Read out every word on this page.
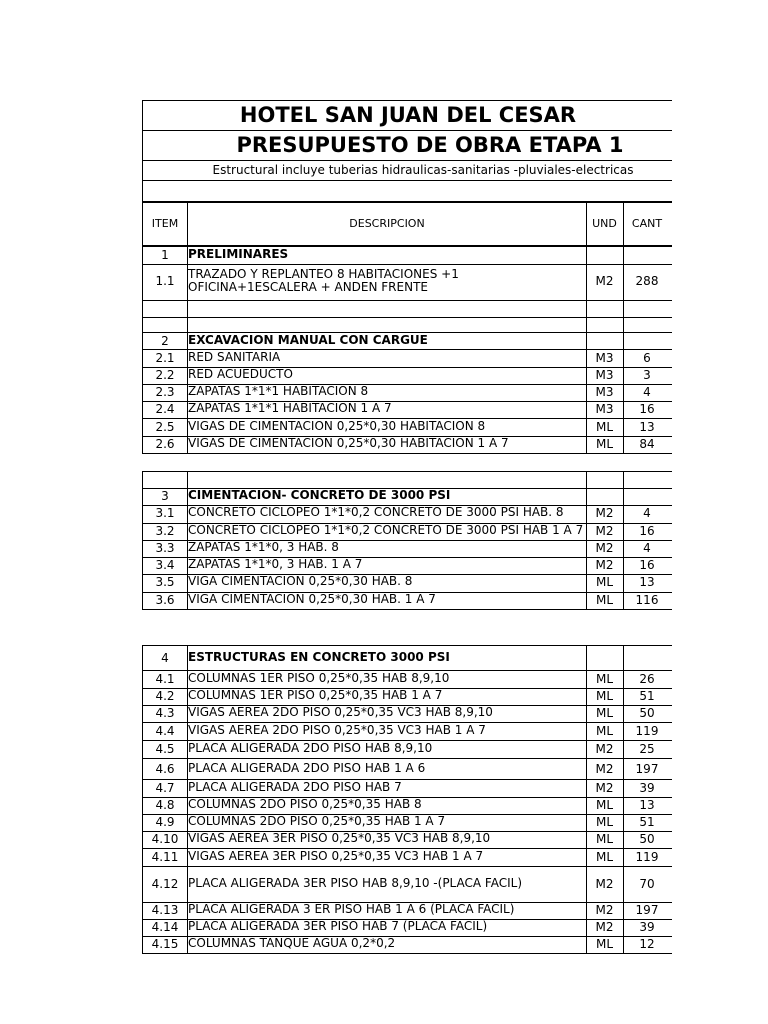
HOTEL SAN JUAN DEL CESAR
PRESUPUESTO DE OBRA ETAPA 1
Estructural incluye tuberias hidraulicas-sanitarias -pluviales-electricas
ITEM	DESCRIPCION	UND	CANT
1	PRELIMINARES
1.1	TRAZADO Y REPLANTEO 8 HABITACIONES +1 OFICINA+1ESCALERA + ANDEN FRENTE	M2	288
2	EXCAVACION MANUAL CON CARGUE
2.1	RED SANITARIA	M3	6
2.2	RED ACUEDUCTO	M3	3
2.3	ZAPATAS 1*1*1 HABITACION 8	M3	4
2.4	ZAPATAS 1*1*1 HABITACION 1 A 7	M3	16
2.5	VIGAS DE CIMENTACION 0,25*0,30 HABITACION 8	ML	13
2.6	VIGAS DE CIMENTACION 0,25*0,30 HABITACION 1 A 7	ML	84
3	CIMENTACION- CONCRETO DE 3000 PSI
3.1	CONCRETO CICLOPEO 1*1*0,2 CONCRETO DE 3000 PSI HAB. 8	M2	4
3.2	CONCRETO CICLOPEO 1*1*0,2 CONCRETO DE 3000 PSI HAB 1 A 7	M2	16
3.3	ZAPATAS 1*1*0, 3 HAB. 8	M2	4
3.4	ZAPATAS 1*1*0, 3 HAB. 1 A 7	M2	16
3.5	VIGA CIMENTACION 0,25*0,30 HAB. 8	ML	13
3.6	VIGA CIMENTACION 0,25*0,30 HAB. 1 A 7	ML	116
4	ESTRUCTURAS EN CONCRETO 3000 PSI
4.1	COLUMNAS 1ER PISO 0,25*0,35 HAB 8,9,10	ML	26
4.2	COLUMNAS 1ER PISO 0,25*0,35 HAB 1 A 7	ML	51
4.3	VIGAS AEREA 2DO PISO 0,25*0,35 VC3 HAB 8,9,10	ML	50
4.4	VIGAS AEREA 2DO PISO 0,25*0,35 VC3 HAB 1 A 7	ML	119
4.5	PLACA ALIGERADA 2DO PISO HAB 8,9,10	M2	25
4.6	PLACA ALIGERADA 2DO PISO HAB 1 A 6	M2	197
4.7	PLACA ALIGERADA 2DO PISO HAB 7	M2	39
4.8	COLUMNAS 2DO PISO 0,25*0,35 HAB 8	ML	13
4.9	COLUMNAS 2DO PISO 0,25*0,35 HAB 1 A 7	ML	51
4.10 VIGAS AEREA 3ER PISO 0,25*0,35 VC3 HAB 8,9,10	ML	50
4.11 VIGAS AEREA 3ER PISO 0,25*0,35 VC3 HAB 1 A 7	ML	119
4.12 PLACA ALIGERADA 3ER PISO HAB 8,9,10 -(PLACA FACIL)	M2	70
4.13 PLACA ALIGERADA 3 ER PISO HAB 1 A 6 (PLACA FACIL)	M2	197
4.14 PLACA ALIGERADA 3ER PISO HAB 7 (PLACA FACIL)	M2	39
4.15 COLUMNAS TANQUE AGUA 0,2*0,2	ML	12
